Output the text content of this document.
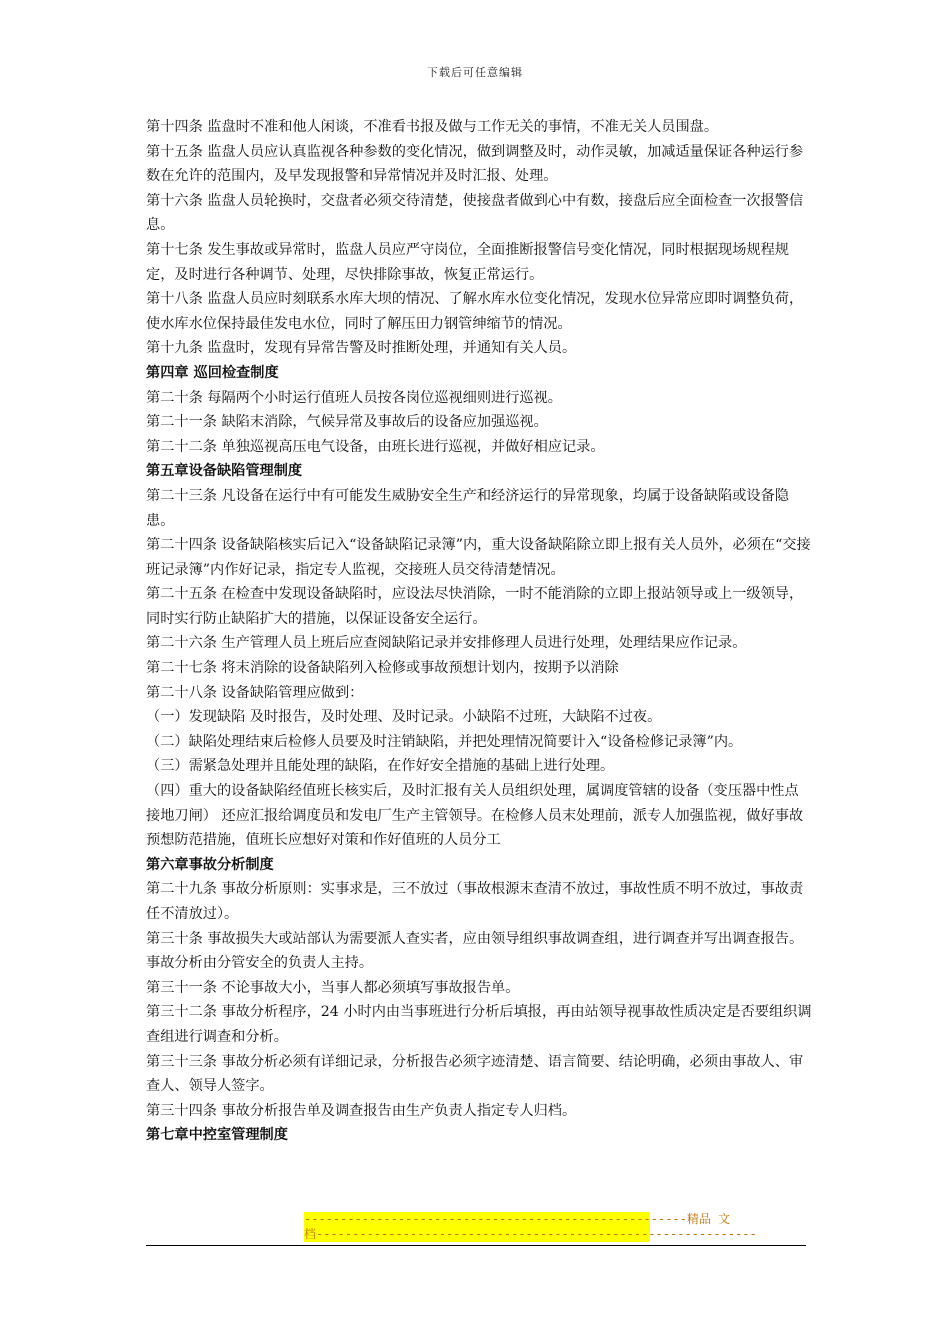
下载后可任意编辑

第十四条 监盘时不准和他人闲谈，不准看书报及做与工作无关的事情，不准无关人员围盘。

第十五条 监盘人员应认真监视各种参数的变化情况，做到调整及时，动作灵敏，加减适量保证各种运行参数在允许的范围内，及早发现报警和异常情况并及时汇报、处理。

第十六条 监盘人员轮换时，交盘者必须交待清楚，使接盘者做到心中有数，接盘后应全面检查一次报警信息。

第十七条 发生事故或异常时，监盘人员应严守岗位，全面推断报警信号变化情况，同时根据现场规程规定，及时进行各种调节、处理，尽快排除事故，恢复正常运行。

第十八条 监盘人员应时刻联系水库大坝的情况、了解水库水位变化情况，发现水位异常应即时调整负荷，使水库水位保持最佳发电水位，同时了解压田力钢管绅缩节的情况。

第十九条 监盘时，发现有异常告警及时推断处理，并通知有关人员。

第四章 巡回检查制度

第二十条 每隔两个小时运行值班人员按各岗位巡视细则进行巡视。

第二十一条 缺陷末消除，气候异常及事故后的设备应加强巡视。

第二十二条 单独巡视高压电气设备，由班长进行巡视，并做好相应记录。

第五章设备缺陷管理制度

第二十三条 凡设备在运行中有可能发生威胁安全生产和经济运行的异常现象，均属于设备缺陷或设备隐患。

第二十四条 设备缺陷核实后记入“设备缺陷记录簿”内，重大设备缺陷除立即上报有关人员外，必须在“交接班记录簿”内作好记录，指定专人监视，交接班人员交待清楚情况。

第二十五条 在检查中发现设备缺陷时，应设法尽快消除，一时不能消除的立即上报站领导或上一级领导，同时实行防止缺陷扩大的措施，以保证设备安全运行。

第二十六条 生产管理人员上班后应查阅缺陷记录并安排修理人员进行处理，处理结果应作记录。

第二十七条 将末消除的设备缺陷列入检修或事故预想计划内，按期予以消除

第二十八条 设备缺陷管理应做到：

（一）发现缺陷 及时报告，及时处理、及时记录。小缺陷不过班，大缺陷不过夜。

（二）缺陷处理结束后检修人员要及时注销缺陷，并把处理情况简要计入“设备检修记录簿”内。

（三）需紧急处理并且能处理的缺陷，在作好安全措施的基础上进行处理。

（四）重大的设备缺陷经值班长核实后，及时汇报有关人员组织处理，属调度管辖的设备（变压器中性点接地刀闸） 还应汇报给调度员和发电厂生产主管领导。在检修人员末处理前，派专人加强监视，做好事故预想防范措施，值班长应想好对策和作好值班的人员分工

第六章事故分析制度

第二十九条 事故分析原则：实事求是，三不放过（事故根源末查清不放过，事故性质不明不放过，事故责任不清放过）。

第三十条 事故损失大或站部认为需要派人查实者，应由领导组织事故调查组，进行调查并写出调查报告。事故分析由分管安全的负责人主持。

第三十一条 不论事故大小，当事人都必须填写事故报告单。

第三十二条 事故分析程序，24 小时内由当事班进行分析后填报，再由站领导视事故性质决定是否要组织调查组进行调查和分析。

第三十三条 事故分析必须有详细记录，分析报告必须字迹清楚、语言简要、结论明确，必须由事故人、审查人、领导人签字。

第三十四条 事故分析报告单及调查报告由生产负责人指定专人归档。

第七章中控室管理制度

-----------------------------------------------------精品 文
档-------------------------------------------------------------
